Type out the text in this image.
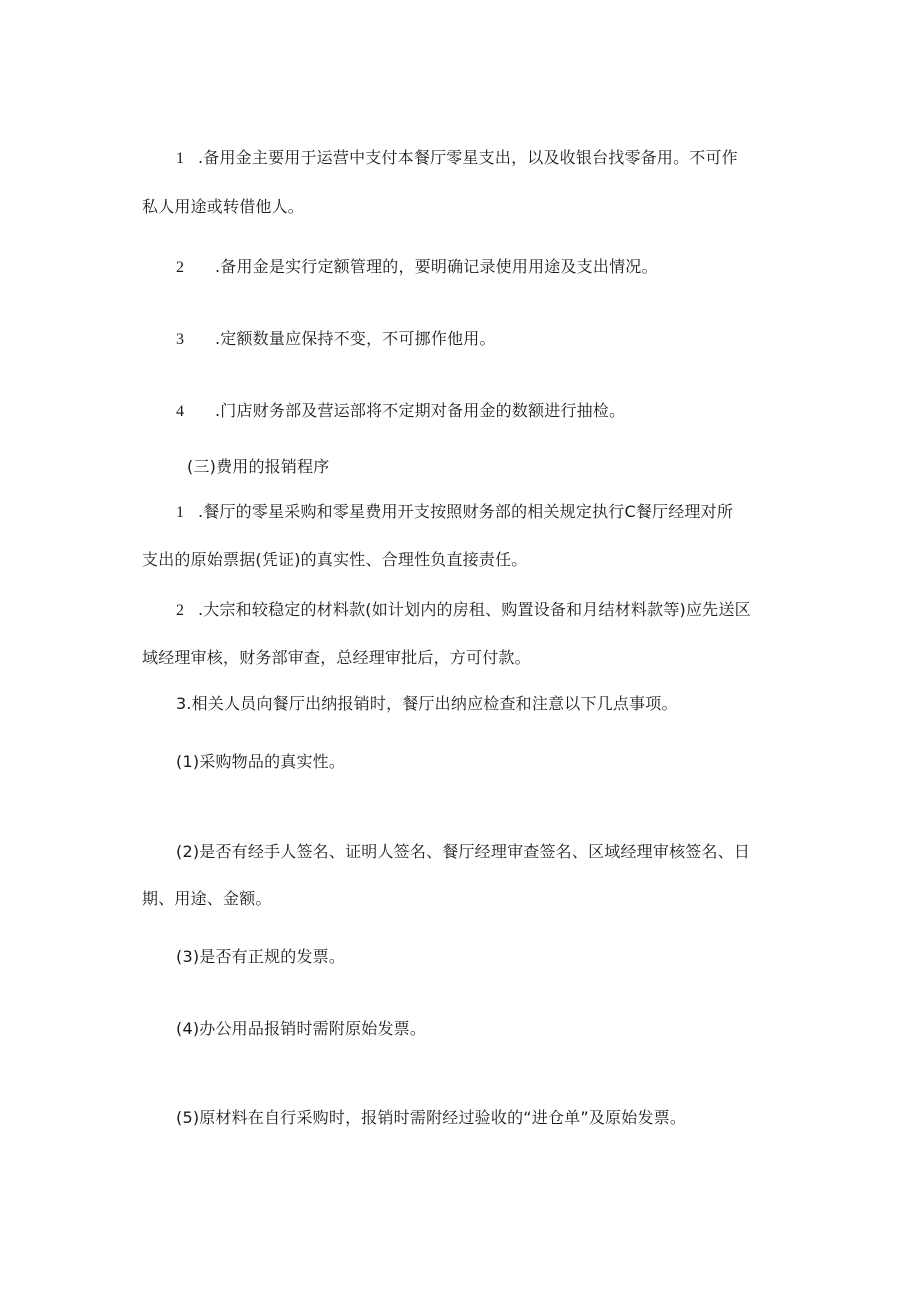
1 .备用金主要用于运营中支付本餐厅零星支出，以及收银台找零备用。不可作
私人用途或转借他人。
2 .备用金是实行定额管理的，要明确记录使用用途及支出情况。
3 .定额数量应保持不变，不可挪作他用。
4 .门店财务部及营运部将不定期对备用金的数额进行抽检。
(三)费用的报销程序
1 .餐厅的零星采购和零星费用开支按照财务部的相关规定执行C餐厅经理对所
支出的原始票据(凭证)的真实性、合理性负直接责任。
2 .大宗和较稳定的材料款(如计划内的房租、购置设备和月结材料款等)应先送区
域经理审核，财务部审查，总经理审批后，方可付款。
3.相关人员向餐厅出纳报销时，餐厅出纳应检查和注意以下几点事项。
(1)采购物品的真实性。
(2)是否有经手人签名、证明人签名、餐厅经理审查签名、区域经理审核签名、日
期、用途、金额。
(3)是否有正规的发票。
(4)办公用品报销时需附原始发票。
(5)原材料在自行采购时，报销时需附经过验收的“进仓单”及原始发票。
